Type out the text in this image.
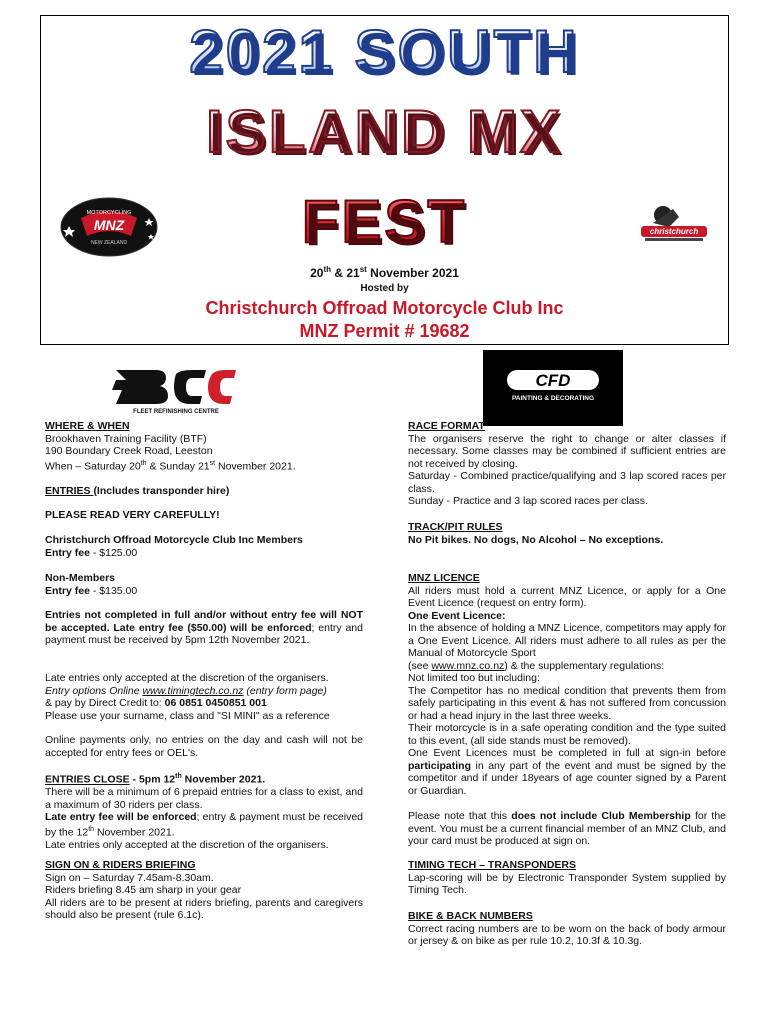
2021 SOUTH
ISLAND MX
FEST
MOTORCYCLING
MNZ
NEW ZEALAND
christchurch
20th & 21st November 2021
Hosted by
Christchurch Offroad Motorcycle Club Inc
MNZ Permit # 19682
FLEET REFINISHING CENTRE
CFD
PAINTING & DECORATING

WHERE & WHEN

Brookhaven Training Facility (BTF)

190 Boundary Creek Road, Leeston

When – Saturday 20th & Sunday 21st November 2021.

ENTRIES (Includes transponder hire)

PLEASE READ VERY CAREFULLY!

Christchurch Offroad Motorcycle Club Inc Members

Entry fee - $125.00

Non-Members

Entry fee - $135.00

Entries not completed in full and/or without entry fee will NOT be accepted. Late entry fee ($50.00) will be enforced; entry and payment must be received by 5pm 12th November 2021.

Late entries only accepted at the discretion of the organisers.

Entry options Online www.timingtech.co.nz (entry form page)

& pay by Direct Credit to: 06 0851 0450851 001

Please use your surname, class and "SI MINI" as a reference

Online payments only, no entries on the day and cash will not be accepted for entry fees or OEL's.

ENTRIES CLOSE - 5pm 12th November 2021.

There will be a minimum of 6 prepaid entries for a class to exist, and a maximum of 30 riders per class.

Late entry fee will be enforced; entry & payment must be received by the 12th November 2021.

Late entries only accepted at the discretion of the organisers.

SIGN ON & RIDERS BRIEFING

Sign on – Saturday 7.45am-8.30am.

Riders briefing 8.45 am sharp in your gear

All riders are to be present at riders briefing, parents and caregivers should also be present (rule 6.1c).

RACE FORMAT

The organisers reserve the right to change or alter classes if necessary. Some classes may be combined if sufficient entries are not received by closing.

Saturday - Combined practice/qualifying and 3 lap scored races per class.

Sunday - Practice and 3 lap scored races per class.

TRACK/PIT RULES

No Pit bikes. No dogs, No Alcohol – No exceptions.

MNZ LICENCE

All riders must hold a current MNZ Licence, or apply for a One Event Licence (request on entry form).

One Event Licence:

In the absence of holding a MNZ Licence, competitors may apply for a One Event Licence. All riders must adhere to all rules as per the Manual of Motorcycle Sport

(see www.mnz.co.nz) & the supplementary regulations:

Not limited too but including:

The Competitor has no medical condition that prevents them from safely participating in this event & has not suffered from concussion or had a head injury in the last three weeks.

Their motorcycle is in a safe operating condition and the type suited to this event, (all side stands must be removed).

One Event Licences must be completed in full at sign-in before participating in any part of the event and must be signed by the competitor and if under 18years of age counter signed by a Parent or Guardian.

Please note that this does not include Club Membership for the event. You must be a current financial member of an MNZ Club, and your card must be produced at sign on.

TIMING TECH – TRANSPONDERS

Lap-scoring will be by Electronic Transponder System supplied by Timing Tech.

BIKE & BACK NUMBERS

Correct racing numbers are to be worn on the back of body armour or jersey & on bike as per rule 10.2, 10.3f & 10.3g.
